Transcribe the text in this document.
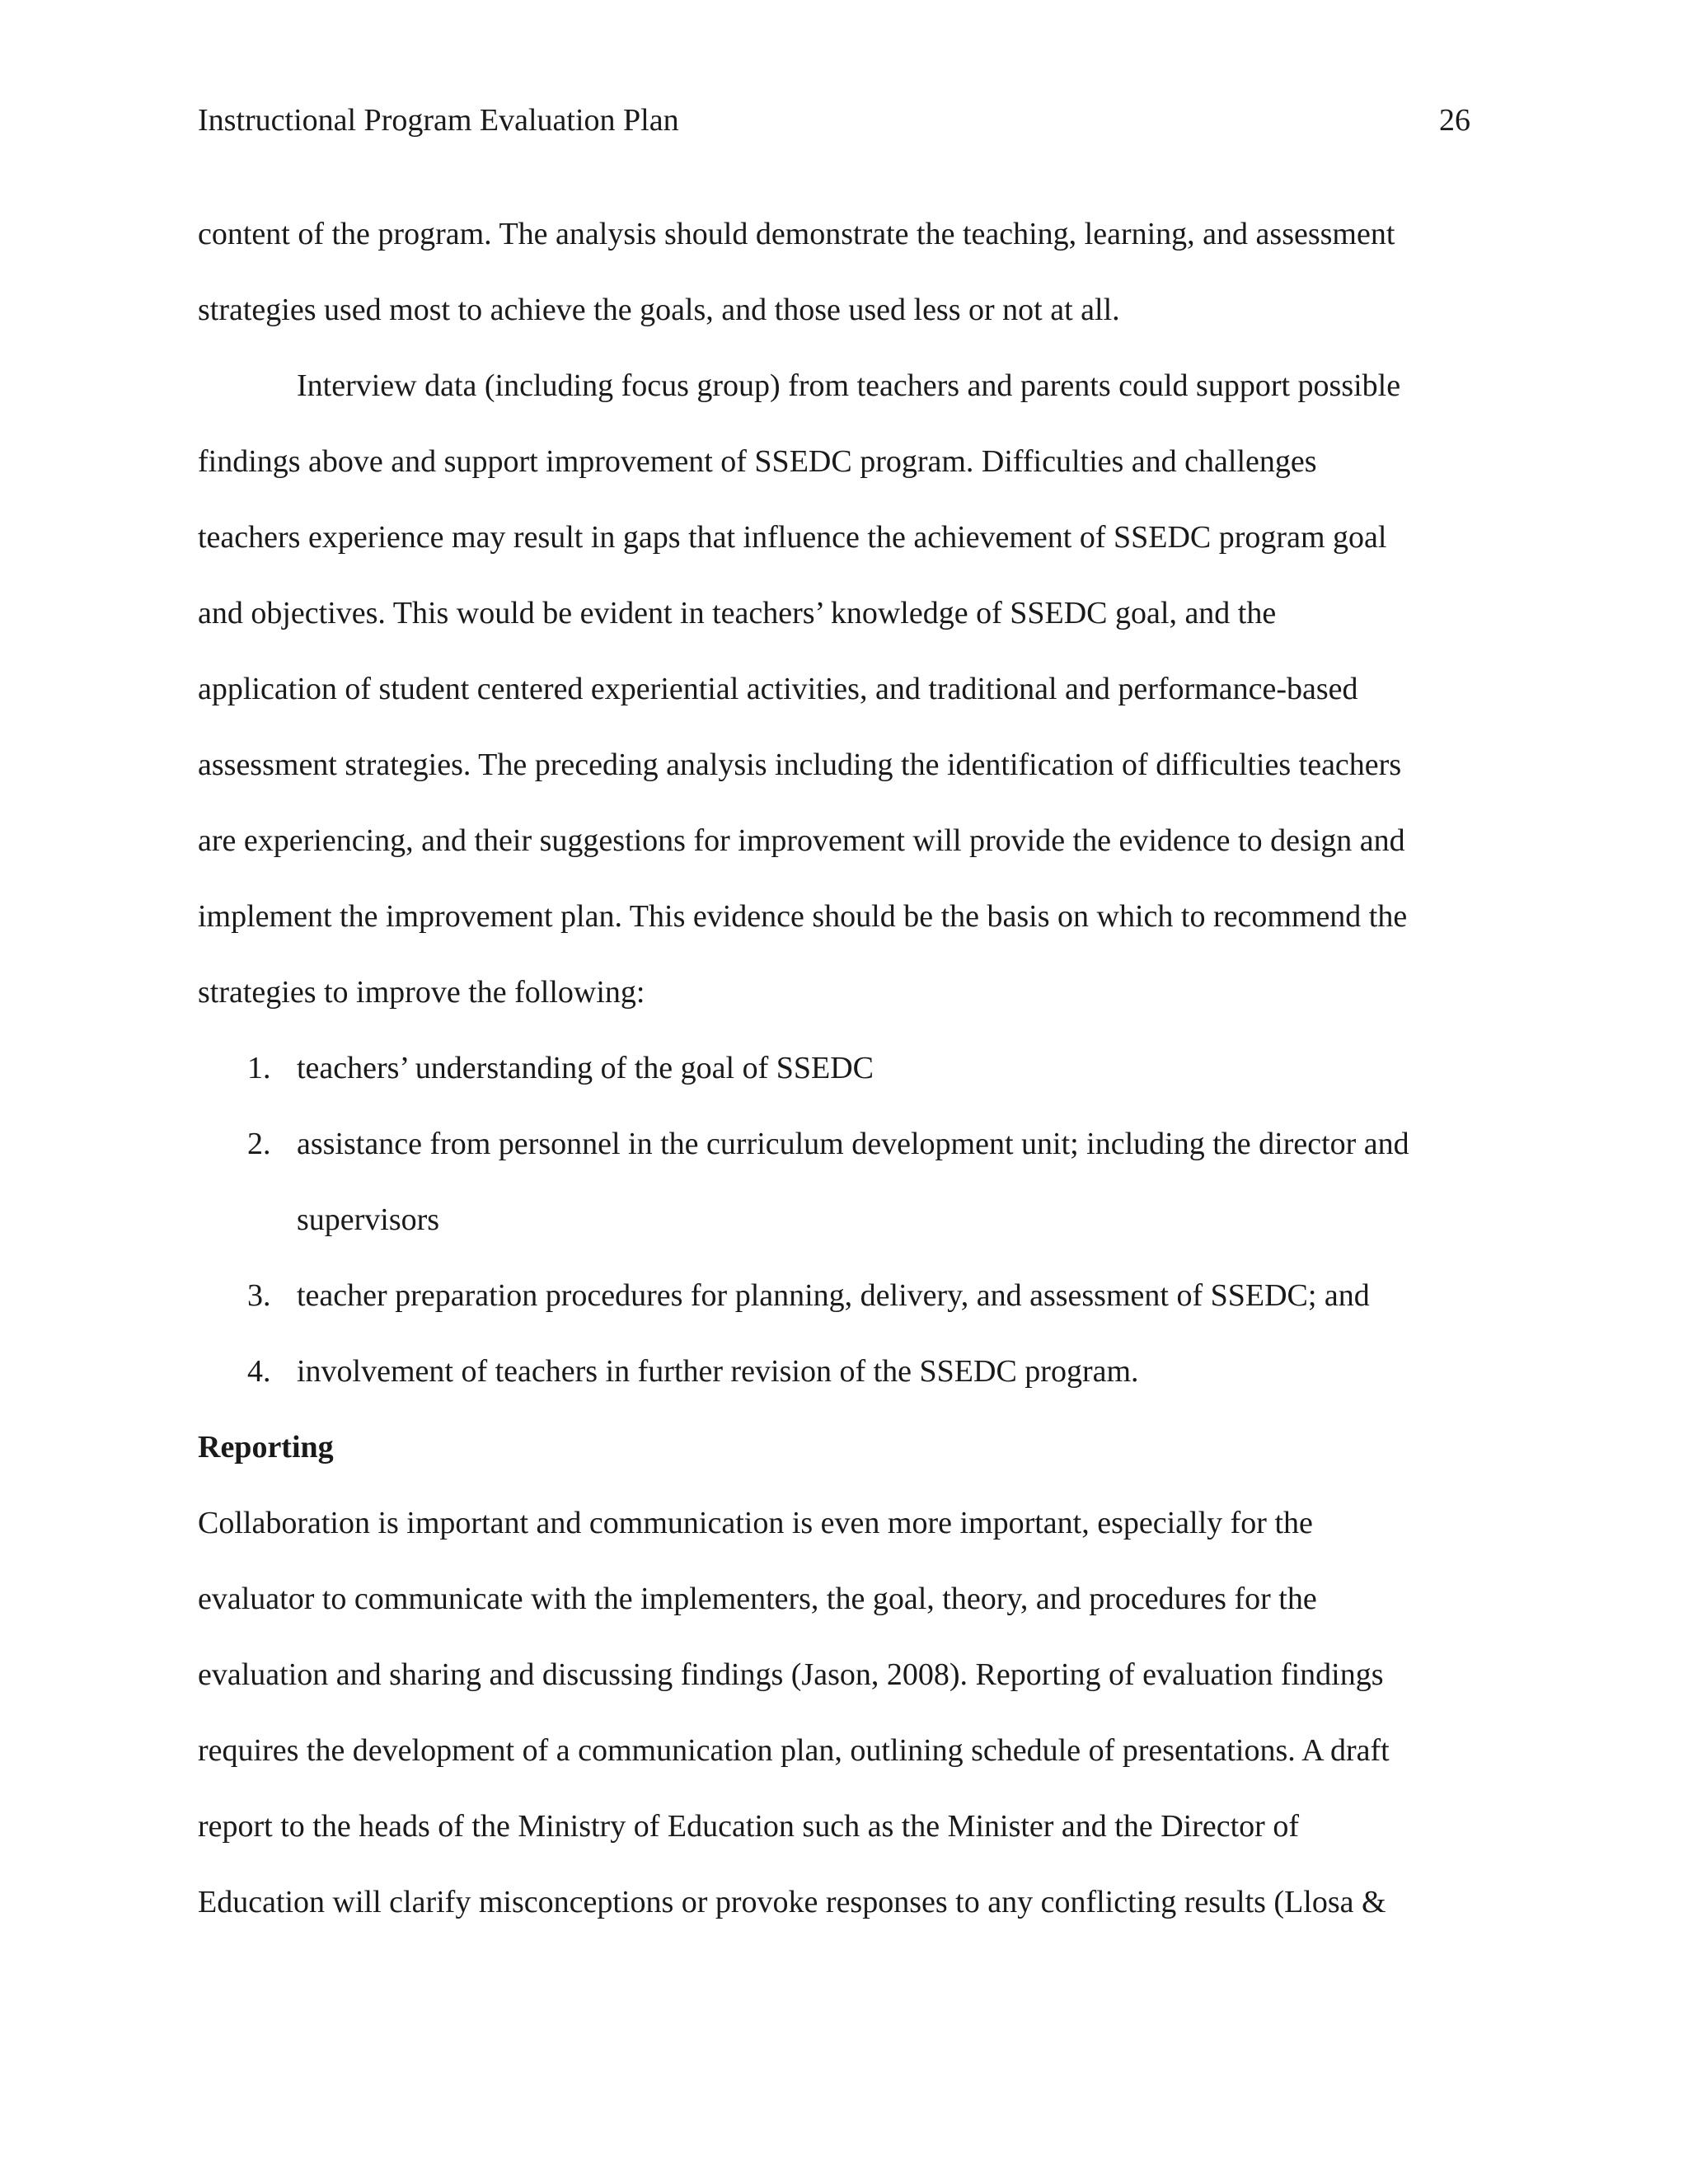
Instructional Program Evaluation Plan	26
content of the program. The analysis should demonstrate the teaching, learning, and assessment
strategies used most to achieve the goals, and those used less or not at all.
Interview data (including focus group) from teachers and parents could support possible
findings above and support improvement of SSEDC program. Difficulties and challenges
teachers experience may result in gaps that influence the achievement of SSEDC program goal
and objectives. This would be evident in teachers’ knowledge of SSEDC goal, and the
application of student centered experiential activities, and traditional and performance-based
assessment strategies. The preceding analysis including the identification of difficulties teachers
are experiencing, and their suggestions for improvement will provide the evidence to design and
implement the improvement plan. This evidence should be the basis on which to recommend the
strategies to improve the following:
1. teachers’ understanding of the goal of SSEDC
2. assistance from personnel in the curriculum development unit; including the director and
supervisors
3. teacher preparation procedures for planning, delivery, and assessment of SSEDC; and
4. involvement of teachers in further revision of the SSEDC program.
Reporting
Collaboration is important and communication is even more important, especially for the
evaluator to communicate with the implementers, the goal, theory, and procedures for the
evaluation and sharing and discussing findings (Jason, 2008). Reporting of evaluation findings
requires the development of a communication plan, outlining schedule of presentations. A draft
report to the heads of the Ministry of Education such as the Minister and the Director of
Education will clarify misconceptions or provoke responses to any conflicting results (Llosa &
